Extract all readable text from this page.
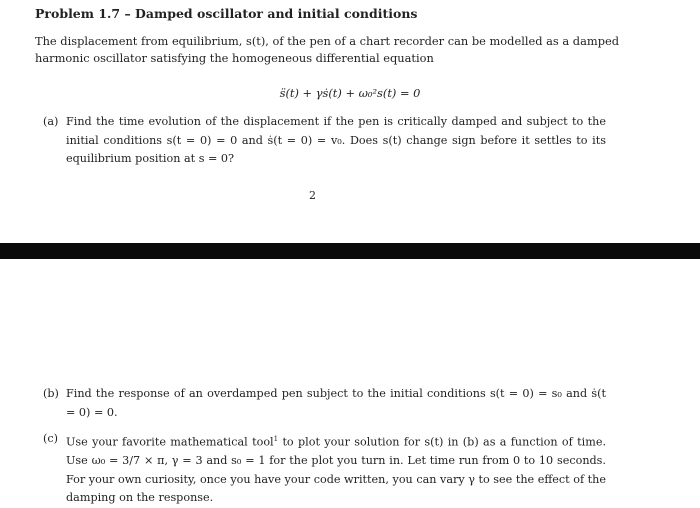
Problem 1.7 – Damped oscillator and initial conditions
The displacement from equilibrium, s(t), of the pen of a chart recorder can be modelled as a damped harmonic oscillator satisfying the homogeneous differential equation
s̈(t) + γṡ(t) + ω₀²s(t) = 0
(a) Find the time evolution of the displacement if the pen is critically damped and subject to the initial conditions s(t = 0) = 0 and ṡ(t = 0) = v₀. Does s(t) change sign before it settles to its equilibrium position at s = 0?
2
(b) Find the response of an overdamped pen subject to the initial conditions s(t = 0) = s₀ and ṡ(t = 0) = 0.
(c) Use your favorite mathematical tool$^1$ to plot your solution for s(t) in (b) as a function of time. Use ω₀ = 3/7 × π, γ = 3 and s₀ = 1 for the plot you turn in. Let time run from 0 to 10 seconds. For your own curiosity, once you have your code written, you can vary γ to see the effect of the damping on the response.
